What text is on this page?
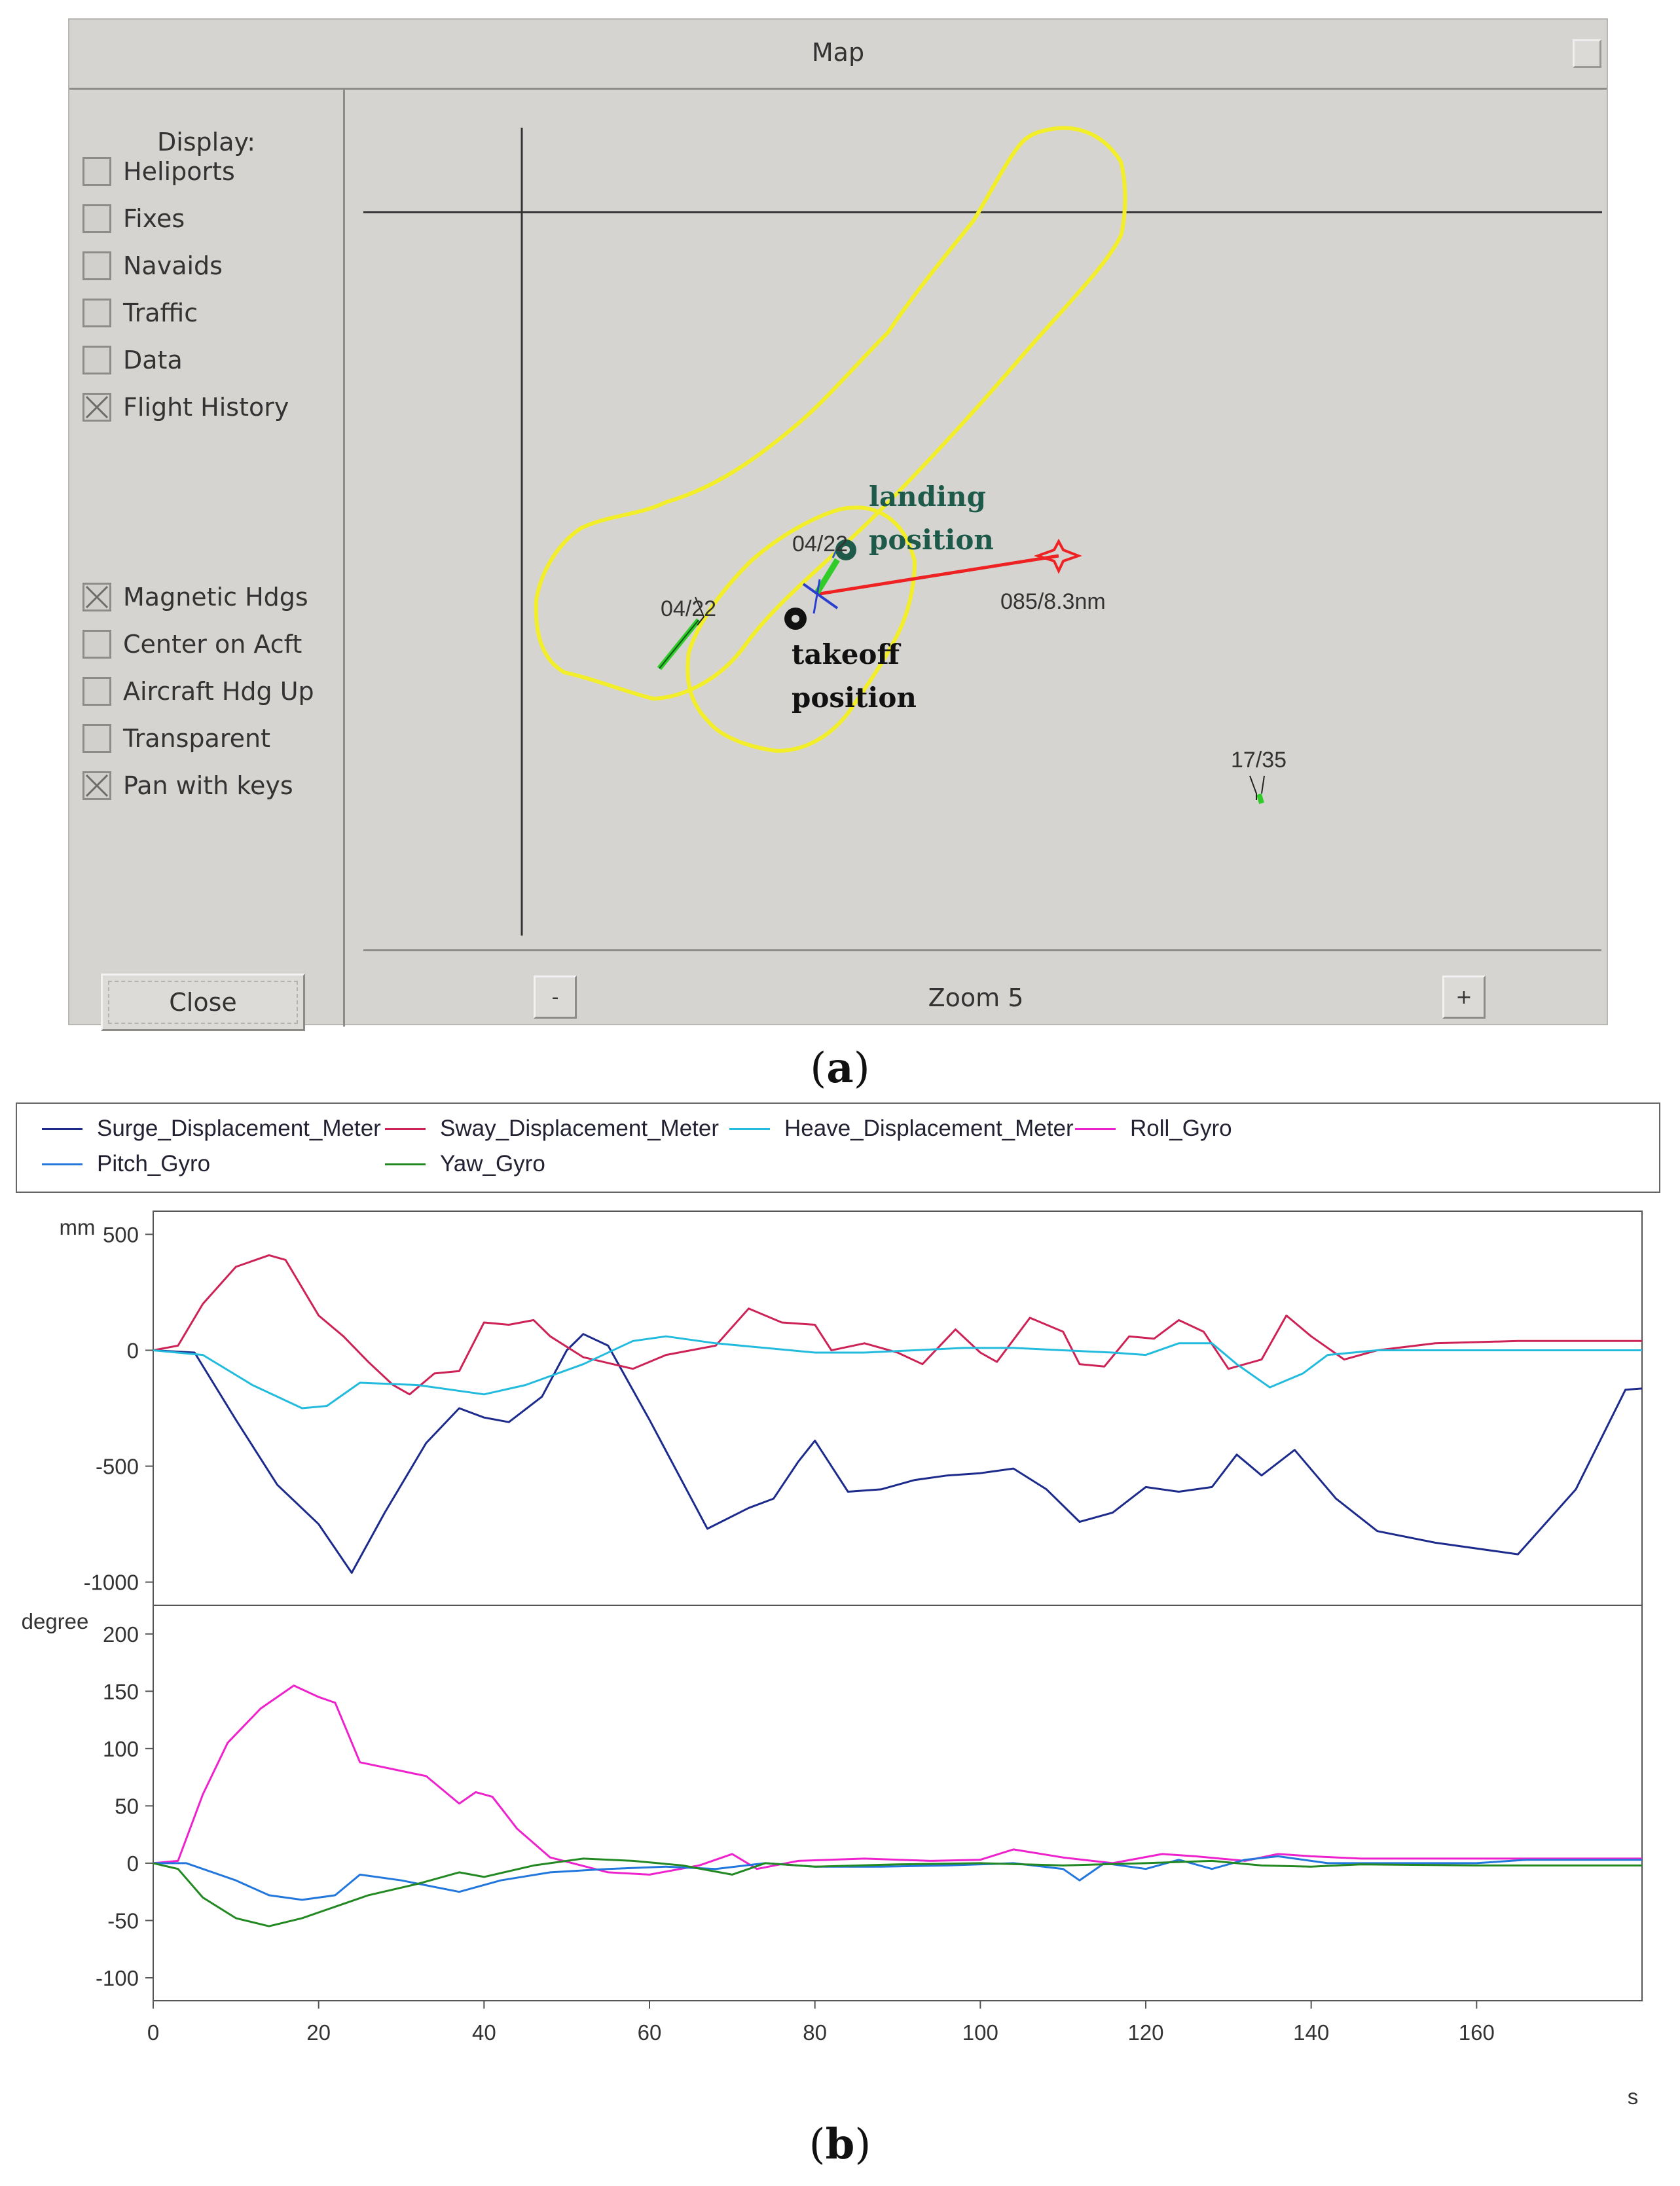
Map
Display:
Heliports
Fixes
Navaids
Traffic
Data
Flight History
Magnetic Hdgs
Center on Acft
Aircraft Hdg Up
Transparent
Pan with keys
Close
04/22
04/22
17/35
085/8.3nm
landing
position
takeoff
position
-	Zoom 5	+
(a)
Surge_Displacement_Meter	Sway_Displacement_Meter	Heave_Displacement_Meter Roll_Gyro
Pitch_Gyro	Yaw_Gyro
500
0
-500
-1000
mm
200
150
100
50
0
-50
-100
degree
0	20	40	60	80	100	120	140	160
s
(b)
